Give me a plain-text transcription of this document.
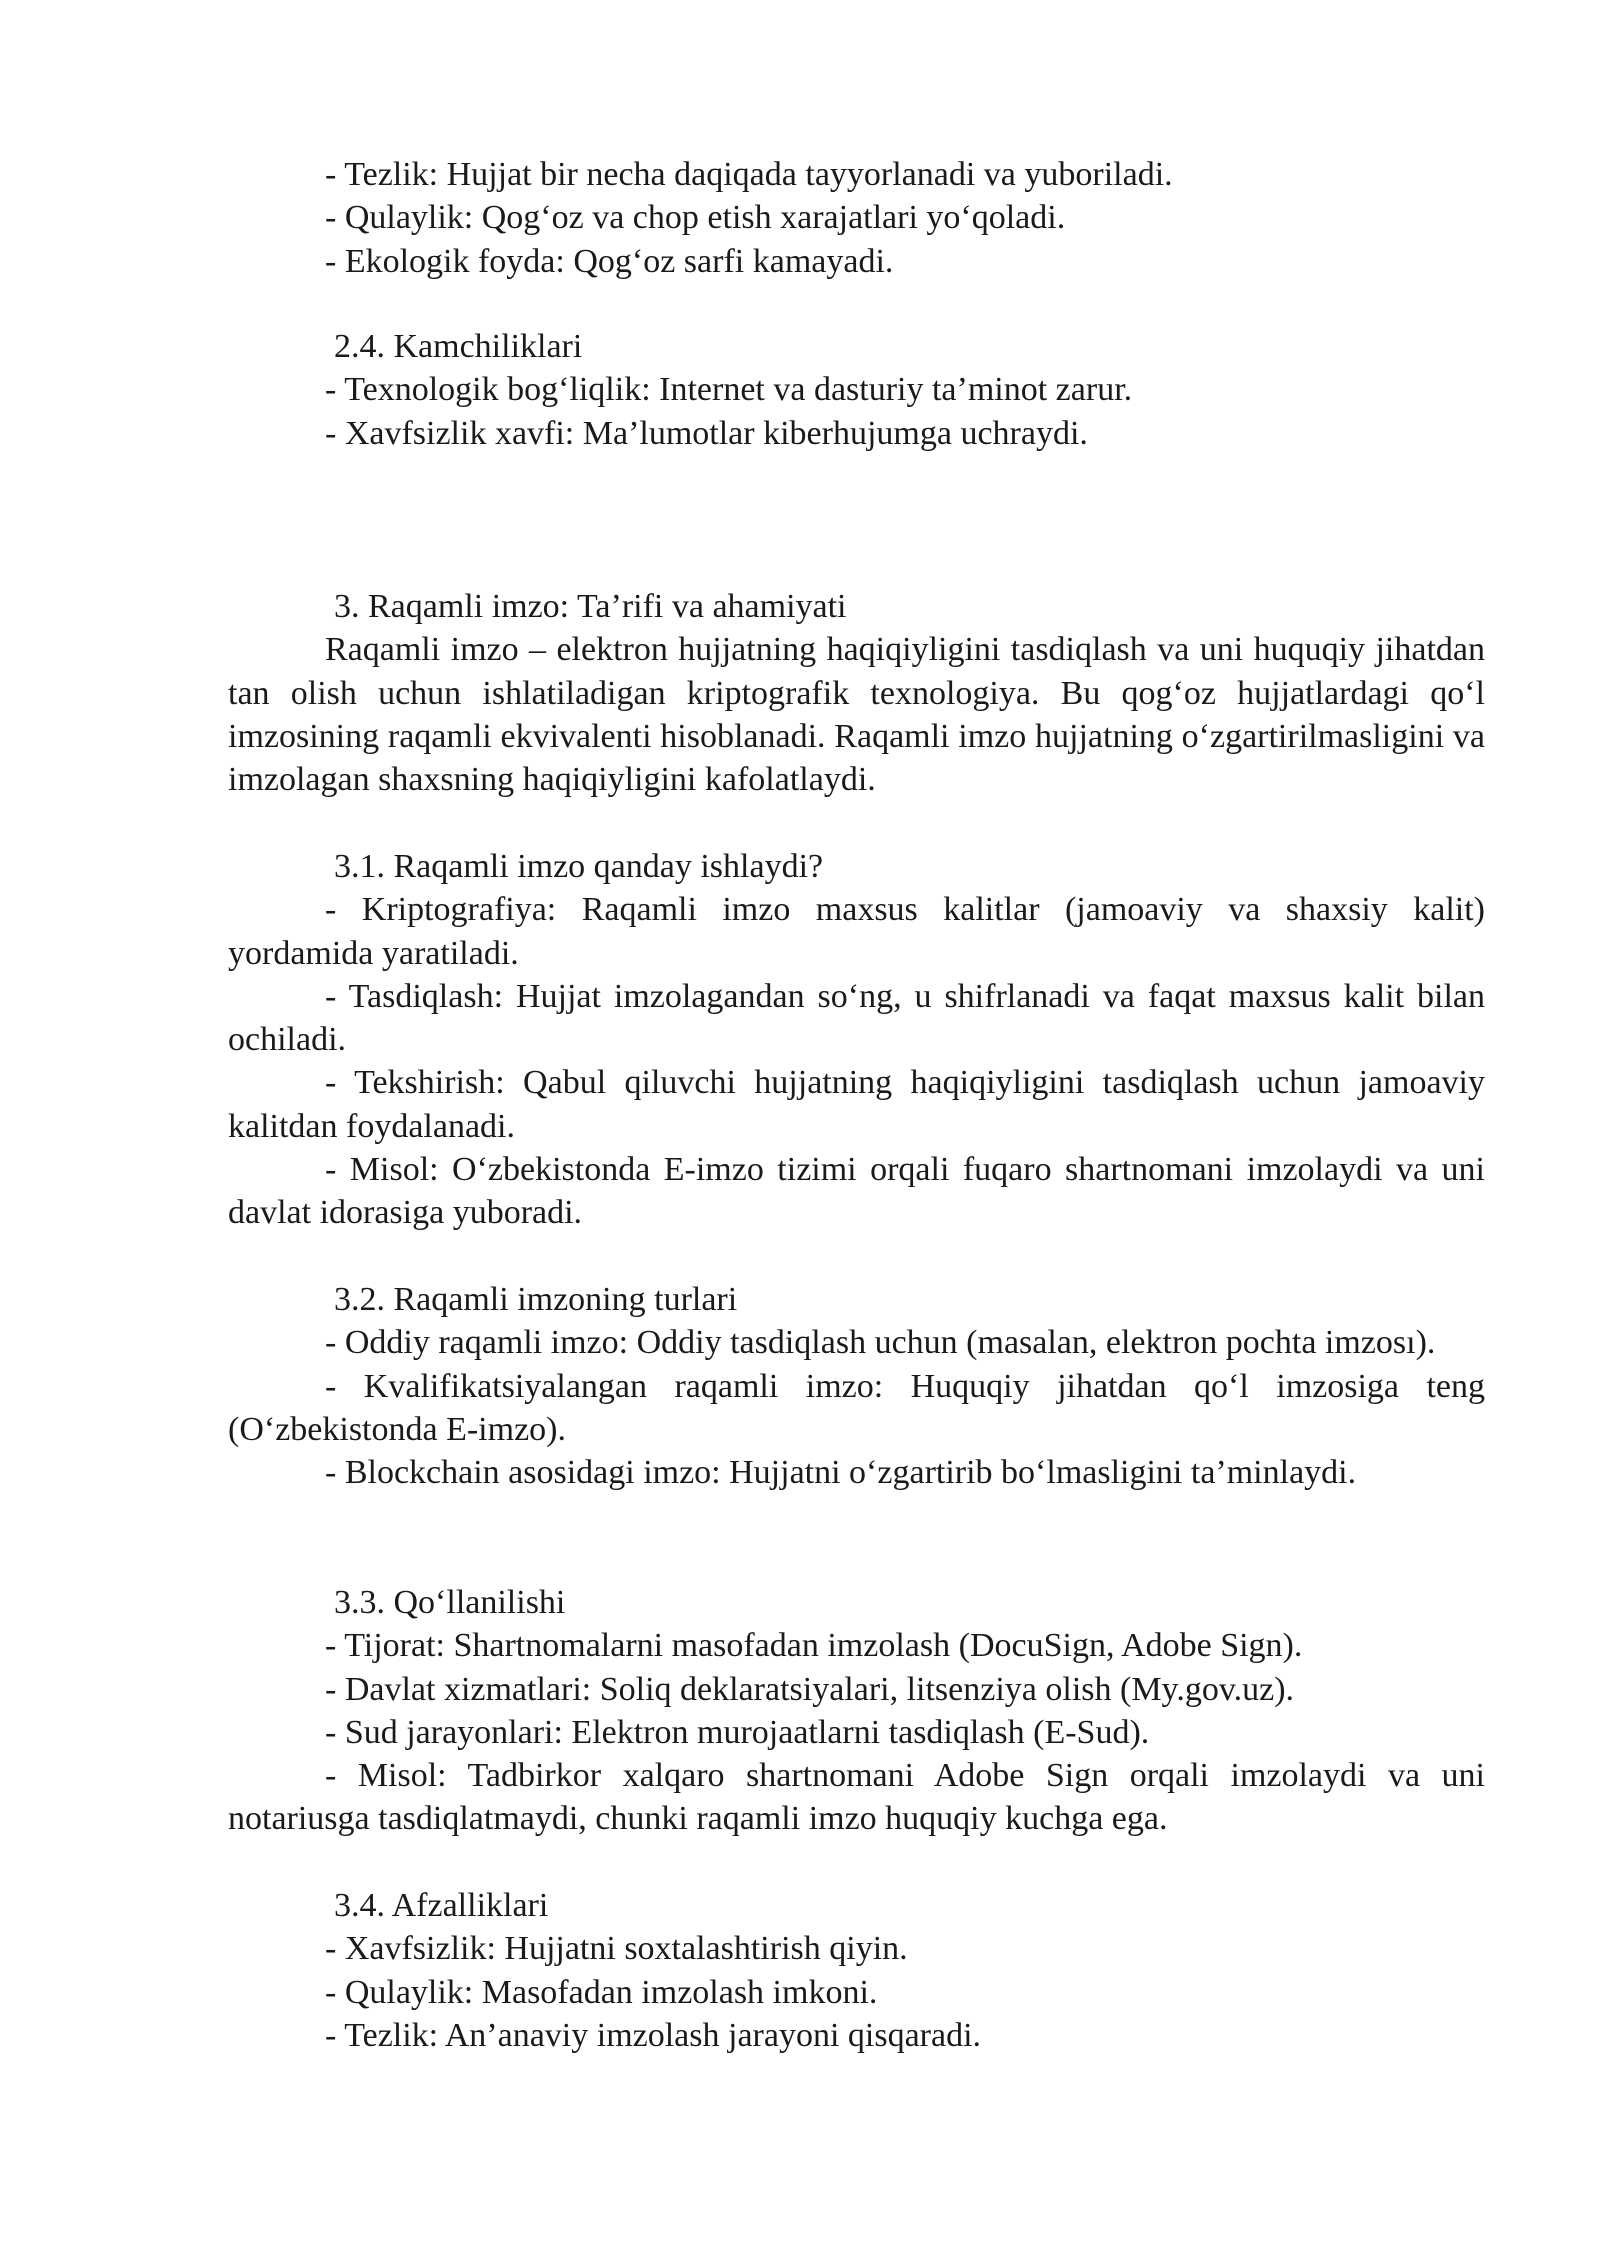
- Tezlik: Hujjat bir necha daqiqada tayyorlanadi va yuboriladi.
- Qulaylik: Qog‘oz va chop etish xarajatlari yo‘qoladi.
- Ekologik foyda: Qog‘oz sarfi kamayadi.
2.4. Kamchiliklari
- Texnologik bog‘liqlik: Internet va dasturiy ta’minot zarur.
- Xavfsizlik xavfi: Ma’lumotlar kiberhujumga uchraydi.
3. Raqamli imzo: Ta’rifi va ahamiyati
Raqamli imzo – elektron hujjatning haqiqiyligini tasdiqlash va uni huquqiy jihatdan tan olish uchun ishlatiladigan kriptografik texnologiya. Bu qog‘oz hujjatlardagi qo‘l imzosining raqamli ekvivalenti hisoblanadi. Raqamli imzo hujjatning o‘zgartirilmasligini va imzolagan shaxsning haqiqiyligini kafolatlaydi.
3.1. Raqamli imzo qanday ishlaydi?
- Kriptografiya: Raqamli imzo maxsus kalitlar (jamoaviy va shaxsiy kalit) yordamida yaratiladi.
- Tasdiqlash: Hujjat imzolagandan so‘ng, u shifrlanadi va faqat maxsus kalit bilan ochiladi.
- Tekshirish: Qabul qiluvchi hujjatning haqiqiyligini tasdiqlash uchun jamoaviy kalitdan foydalanadi.
- Misol: O‘zbekistonda E-imzo tizimi orqali fuqaro shartnomani imzolaydi va uni davlat idorasiga yuboradi.
3.2. Raqamli imzoning turlari
- Oddiy raqamli imzo: Oddiy tasdiqlash uchun (masalan, elektron pochta imzosı).
- Kvalifikatsiyalangan raqamli imzo: Huquqiy jihatdan qo‘l imzosiga teng (O‘zbekistonda E-imzo).
- Blockchain asosidagi imzo: Hujjatni o‘zgartirib bo‘lmasligini ta’minlaydi.
3.3. Qo‘llanilishi
- Tijorat: Shartnomalarni masofadan imzolash (DocuSign, Adobe Sign).
- Davlat xizmatlari: Soliq deklaratsiyalari, litsenziya olish (My.gov.uz).
- Sud jarayonlari: Elektron murojaatlarni tasdiqlash (E-Sud).
- Misol: Tadbirkor xalqaro shartnomani Adobe Sign orqali imzolaydi va uni notariusga tasdiqlatmaydi, chunki raqamli imzo huquqiy kuchga ega.
3.4. Afzalliklari
- Xavfsizlik: Hujjatni soxtalashtirish qiyin.
- Qulaylik: Masofadan imzolash imkoni.
- Tezlik: An’anaviy imzolash jarayoni qisqaradi.
